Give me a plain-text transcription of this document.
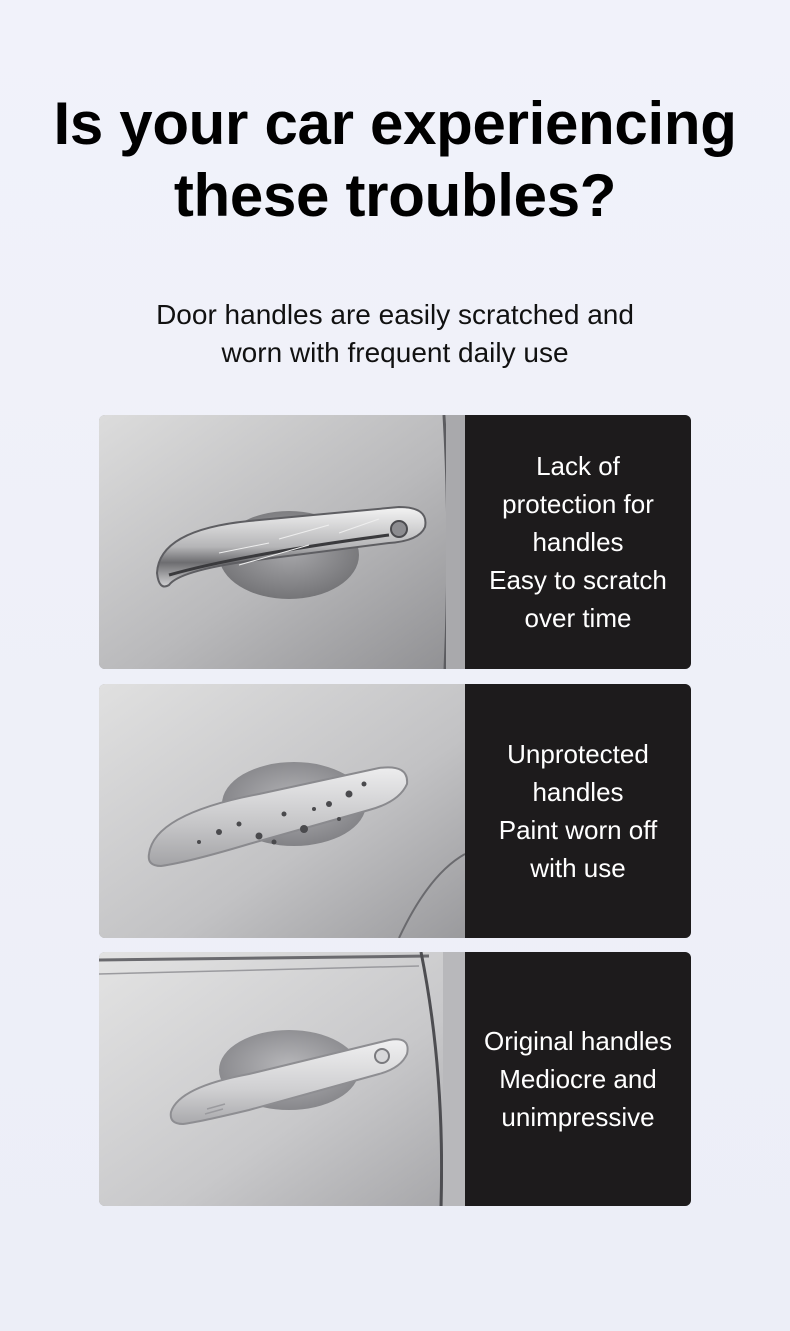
Is your car experiencing
these troubles?

Door handles are easily scratched and
worn with frequent daily use

Lack of
protection for
handles
Easy to scratch
over time

Unprotected
handles
Paint worn off
with use

Original handles
Mediocre and
unimpressive
